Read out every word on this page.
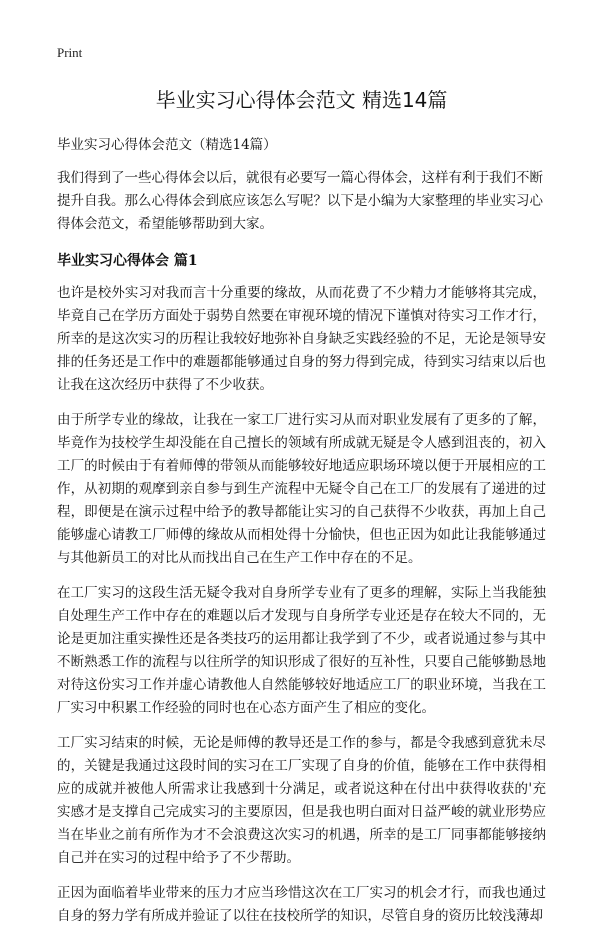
Print
毕业实习心得体会范文 精选14篇

毕业实习心得体会范文（精选14篇）

我们得到了一些心得体会以后，就很有必要写一篇心得体会，这样有利于我们不断提升自我。那么心得体会到底应该怎么写呢？以下是小编为大家整理的毕业实习心得体会范文，希望能够帮助到大家。

毕业实习心得体会 篇1

也许是校外实习对我而言十分重要的缘故，从而花费了不少精力才能够将其完成，毕竟自己在学历方面处于弱势自然要在审视环境的情况下谨慎对待实习工作才行，所幸的是这次实习的历程让我较好地弥补自身缺乏实践经验的不足，无论是领导安排的任务还是工作中的难题都能够通过自身的努力得到完成，待到实习结束以后也让我在这次经历中获得了不少收获。

由于所学专业的缘故，让我在一家工厂进行实习从而对职业发展有了更多的了解，毕竟作为技校学生却没能在自己擅长的领域有所成就无疑是令人感到沮丧的，初入工厂的时候由于有着师傅的带领从而能够较好地适应职场环境以便于开展相应的工作，从初期的观摩到亲自参与到生产流程中无疑令自己在工厂的发展有了递进的过程，即便是在演示过程中给予的教导都能让实习的自己获得不少收获，再加上自己能够虚心请教工厂师傅的缘故从而相处得十分愉快，但也正因为如此让我能够通过与其他新员工的对比从而找出自己在生产工作中存在的不足。

在工厂实习的这段生活无疑令我对自身所学专业有了更多的理解，实际上当我能独自处理生产工作中存在的难题以后才发现与自身所学专业还是存在较大不同的，无论是更加注重实操性还是各类技巧的运用都让我学到了不少，或者说通过参与其中不断熟悉工作的流程与以往所学的知识形成了很好的互补性，只要自己能够勤恳地对待这份实习工作并虚心请教他人自然能够较好地适应工厂的职业环境，当我在工厂实习中积累工作经验的同时也在心态方面产生了相应的变化。

工厂实习结束的时候，无论是师傅的教导还是工作的参与，都是令我感到意犹未尽的，关键是我通过这段时间的实习在工厂实现了自身的价值，能够在工作中获得相应的成就并被他人所需求让我感到十分满足，或者说这种在付出中获得收获的'充实感才是支撑自己完成实习的主要原因，但是我也明白面对日益严峻的就业形势应当在毕业之前有所作为才不会浪费这次实习的机遇，所幸的是工厂同事都能够接纳自己并在实习的过程中给予了不少帮助。

正因为面临着毕业带来的压力才应当珍惜这次在工厂实习的机会才行，而我也通过自身的努力学有所成并验证了以往在技校所学的知识，尽管自身的资历比较浅薄却
